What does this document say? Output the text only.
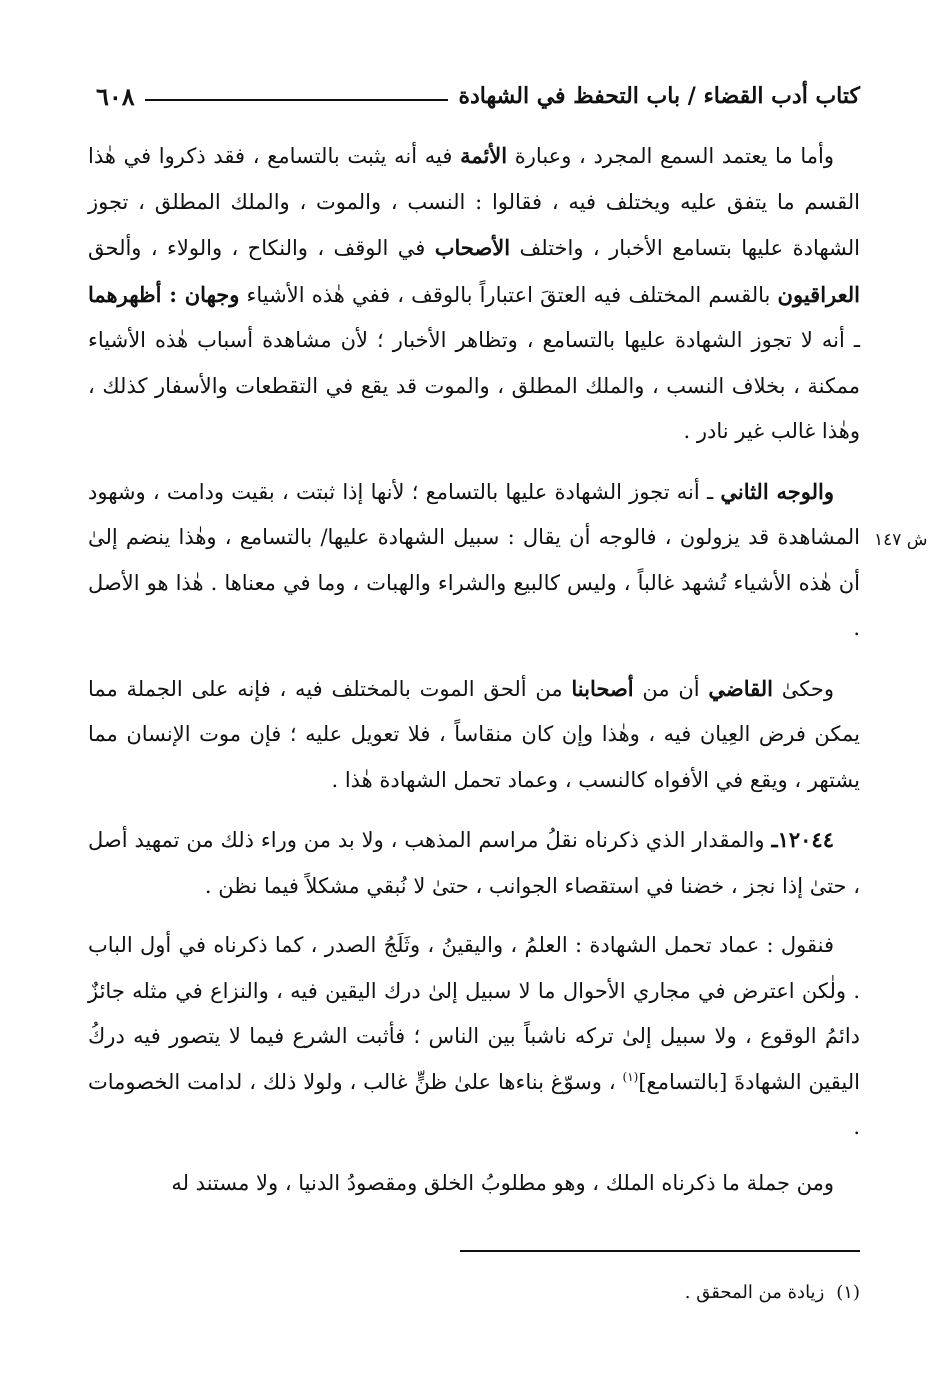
٦٠٨	كتاب أدب القضاء / باب التحفظ في الشهادة
ش ١٤٧

وأما ما يعتمد السمع المجرد ، وعبارة الأئمة فيه أنه يثبت بالتسامع ، فقد ذكروا في هٰذا القسم ما يتفق عليه ويختلف فيه ، فقالوا : النسب ، والموت ، والملك المطلق ، تجوز الشهادة عليها بتسامع الأخبار ، واختلف الأصحاب في الوقف ، والنكاح ، والولاء ، وألحق العراقيون بالقسم المختلف فيه العتقَ اعتباراً بالوقف ، ففي هٰذه الأشياء وجهان : أظهرهما ـ أنه لا تجوز الشهادة عليها بالتسامع ، وتظاهر الأخبار ؛ لأن مشاهدة أسباب هٰذه الأشياء ممكنة ، بخلاف النسب ، والملك المطلق ، والموت قد يقع في التقطعات والأسفار كذلك ، وهٰذا غالب غير نادر .

والوجه الثاني ـ أنه تجوز الشهادة عليها بالتسامع ؛ لأنها إذا ثبتت ، بقيت ودامت ، وشهود المشاهدة قد يزولون ، فالوجه أن يقال : سبيل الشهادة عليها/ بالتسامع ، وهٰذا ينضم إلىٰ أن هٰذه الأشياء تُشهد غالباً ، وليس كالبيع والشراء والهبات ، وما في معناها . هٰذا هو الأصل .

وحكىٰ القاضي أن من أصحابنا من ألحق الموت بالمختلف فيه ، فإنه على الجملة مما يمكن فرض العِيان فيه ، وهٰذا وإن كان منقاساً ، فلا تعويل عليه ؛ فإن موت الإنسان مما يشتهر ، ويقع في الأفواه كالنسب ، وعماد تحمل الشهادة هٰذا .

١٢٠٤٤ـ والمقدار الذي ذكرناه نقلُ مراسم المذهب ، ولا بد من وراء ذلك من تمهيد أصل ، حتىٰ إذا نجز ، خضنا في استقصاء الجوانب ، حتىٰ لا نُبقي مشكلاً فيما نظن .

فنقول : عماد تحمل الشهادة : العلمُ ، واليقينُ ، وثَلَجُ الصدر ، كما ذكرناه في أول الباب . ولٰكن اعترض في مجاري الأحوال ما لا سبيل إلىٰ درك اليقين فيه ، والنزاع في مثله جائزٌ دائمُ الوقوع ، ولا سبيل إلىٰ تركه ناشباً بين الناس ؛ فأثبت الشرع فيما لا يتصور فيه دركُ اليقين الشهادةَ [بالتسامع]$^{(١)}$ ، وسوّغ بناءها علىٰ ظنٍّ غالب ، ولولا ذلك ، لدامت الخصومات .

ومن جملة ما ذكرناه الملك ، وهو مطلوبُ الخلق ومقصودُ الدنيا ، ولا مستند له

(١)زيادة من المحقق .
